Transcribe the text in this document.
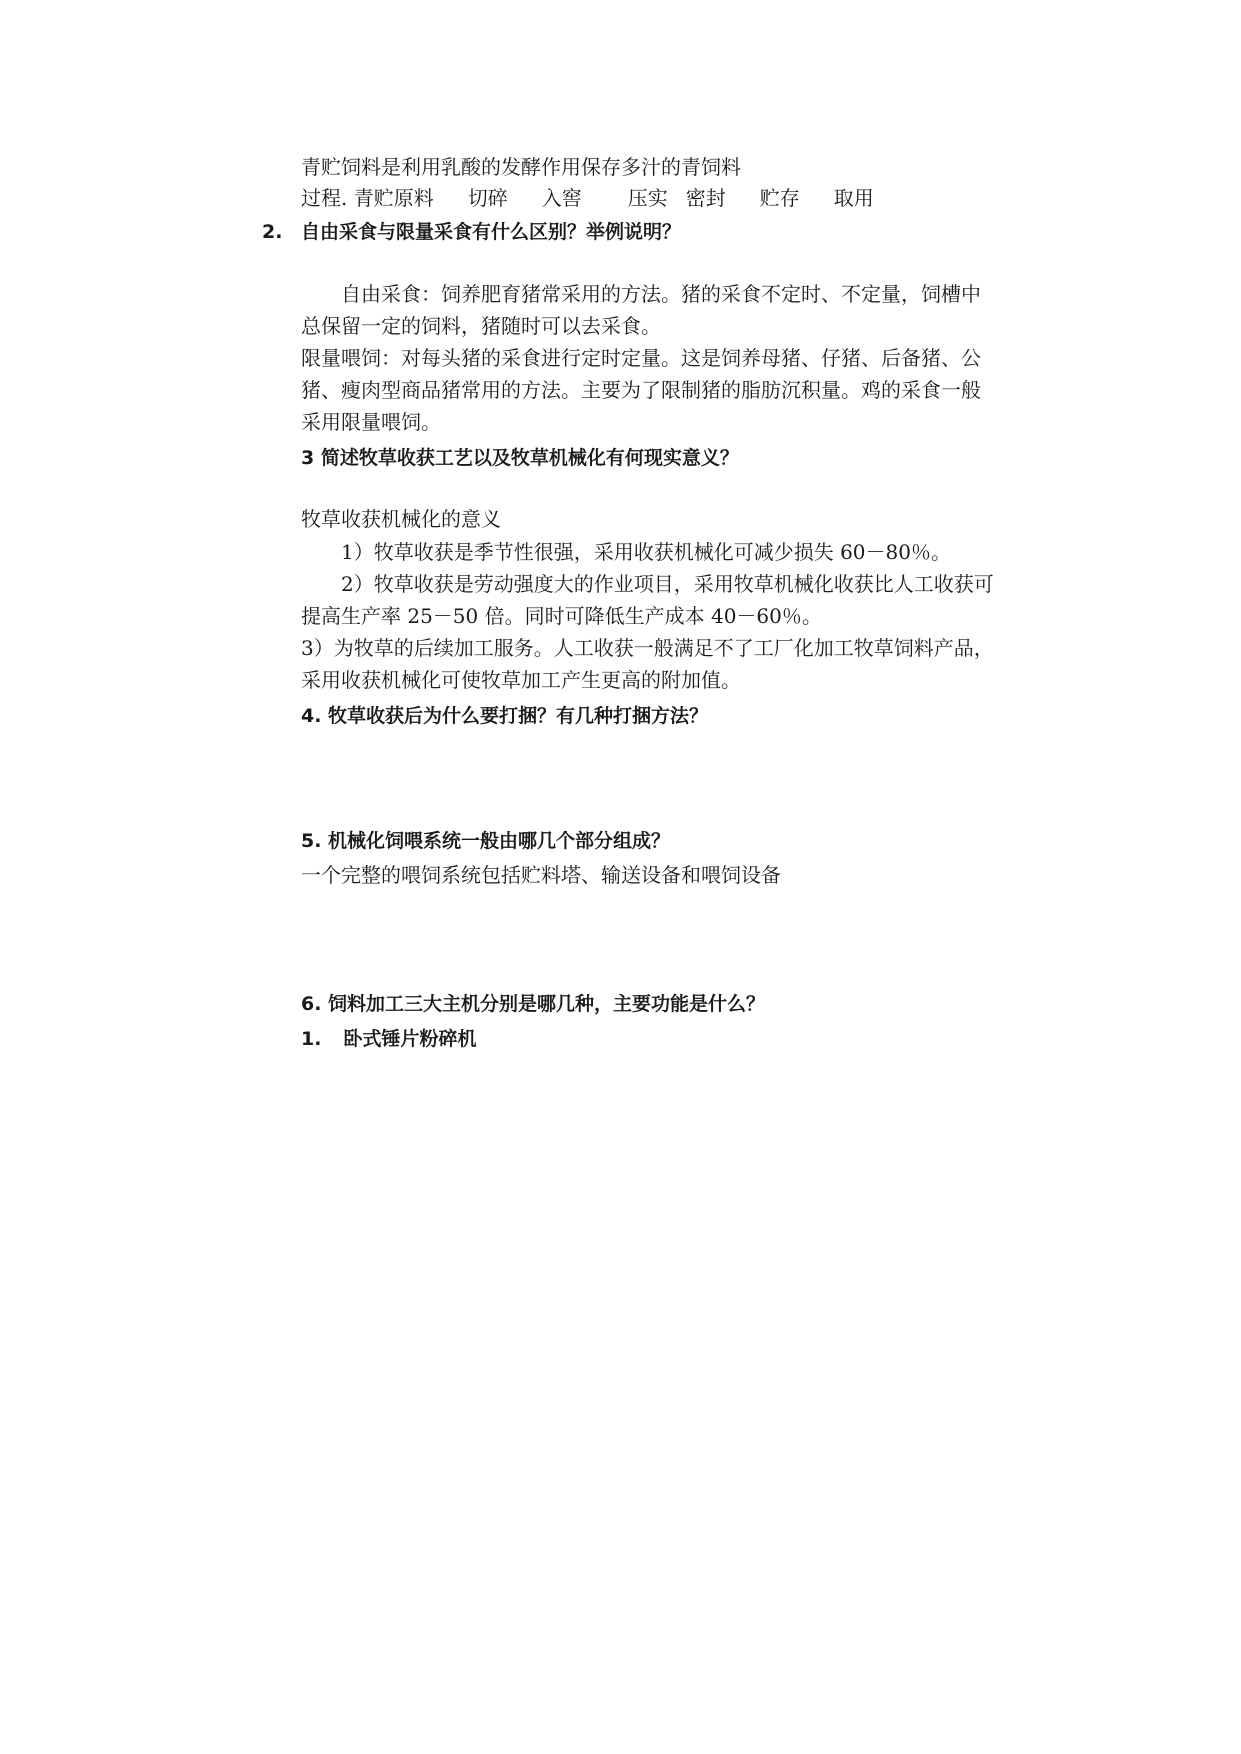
青贮饲料是利用乳酸的发酵作用保存多汁的青饲料
过程. 青贮原料 切碎 入窖 压实 密封 贮存 取用
2. 自由采食与限量采食有什么区别？举例说明？
自由采食：饲养肥育猪常采用的方法。猪的采食不定时、不定量，饲槽中
总保留一定的饲料，猪随时可以去采食。
限量喂饲：对每头猪的采食进行定时定量。这是饲养母猪、仔猪、后备猪、公
猪、瘦肉型商品猪常用的方法。主要为了限制猪的脂肪沉积量。鸡的采食一般
采用限量喂饲。
3 简述牧草收获工艺以及牧草机械化有何现实意义？
牧草收获机械化的意义
1）牧草收获是季节性很强，采用收获机械化可减少损失 60－80％。
2）牧草收获是劳动强度大的作业项目，采用牧草机械化收获比人工收获可
提高生产率 25－50 倍。同时可降低生产成本 40－60％。
3）为牧草的后续加工服务。人工收获一般满足不了工厂化加工牧草饲料产品，
采用收获机械化可使牧草加工产生更高的附加值。
4. 牧草收获后为什么要打捆？有几种打捆方法？
5. 机械化饲喂系统一般由哪几个部分组成？
一个完整的喂饲系统包括贮料塔、输送设备和喂饲设备
6. 饲料加工三大主机分别是哪几种，主要功能是什么？
1. 卧式锤片粉碎机
